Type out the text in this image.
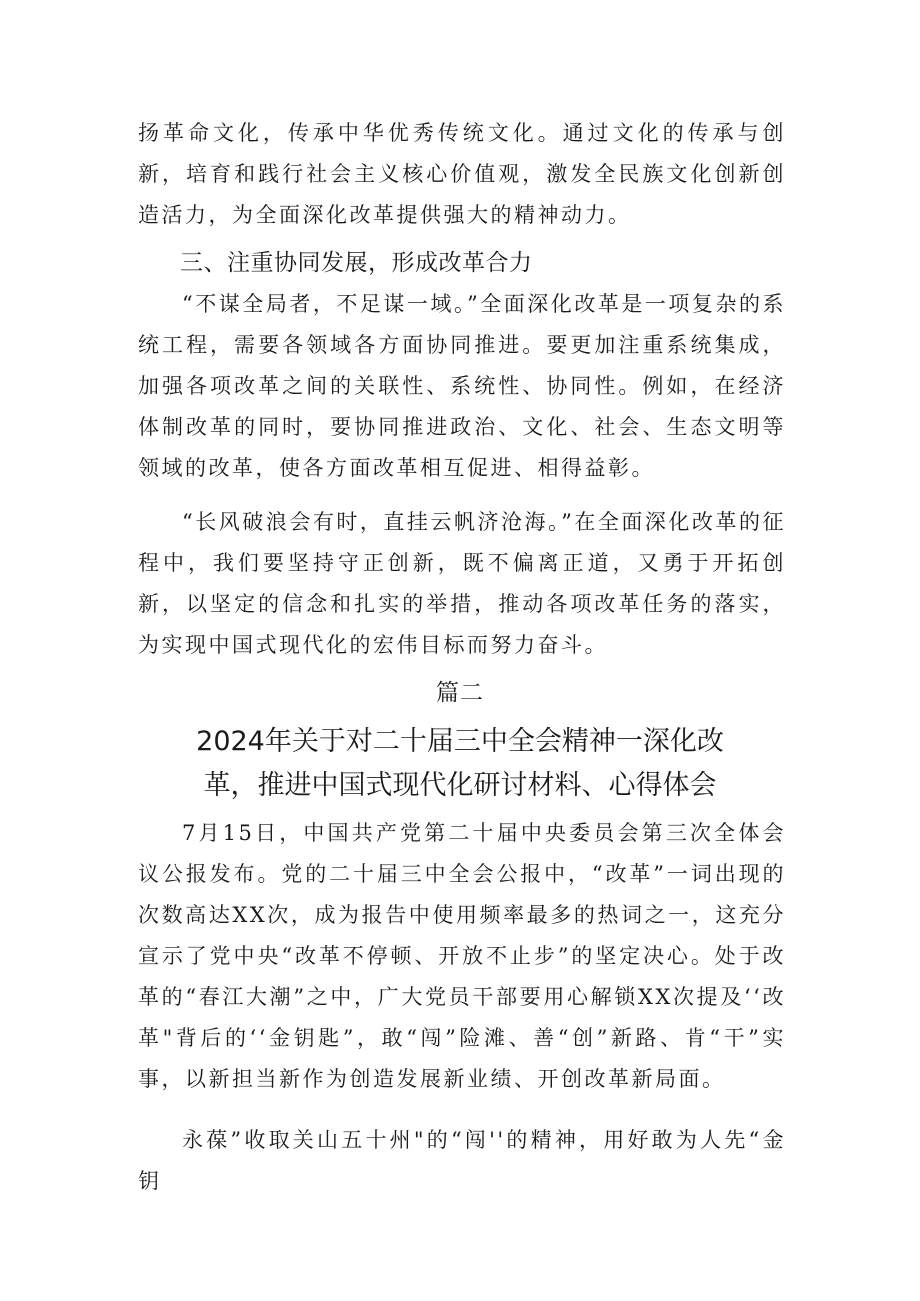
扬革命文化，传承中华优秀传统文化。通过文化的传承与创新，培育和践行社会主义核心价值观，激发全民族文化创新创造活力，为全面深化改革提供强大的精神动力。

三、注重协同发展，形成改革合力

“不谋全局者，不足谋一域。”全面深化改革是一项复杂的系统工程，需要各领域各方面协同推进。要更加注重系统集成，加强各项改革之间的关联性、系统性、协同性。例如，在经济体制改革的同时，要协同推进政治、文化、社会、生态文明等领域的改革，使各方面改革相互促进、相得益彰。

“长风破浪会有时，直挂云帆济沧海。”在全面深化改革的征程中，我们要坚持守正创新，既不偏离正道，又勇于开拓创新，以坚定的信念和扎实的举措，推动各项改革任务的落实，为实现中国式现代化的宏伟目标而努力奋斗。

篇二
2024年关于对二十届三中全会精神一深化改
革，推进中国式现代化研讨材料、心得体会

7月15日，中国共产党第二十届中央委员会第三次全体会议公报发布。党的二十届三中全会公报中，“改革”一词出现的次数高达XX次，成为报告中使用频率最多的热词之一，这充分宣示了党中央“改革不停顿、开放不止步”的坚定决心。处于改革的“春江大潮”之中，广大党员干部要用心解锁XX次提及‘‘改革"背后的‘‘金钥匙”，敢“闯”险滩、善“创”新路、肯“干”实事，以新担当新作为创造发展新业绩、开创改革新局面。

永葆”收取关山五十州"的“闯''的精神，用好敢为人先“金钥
